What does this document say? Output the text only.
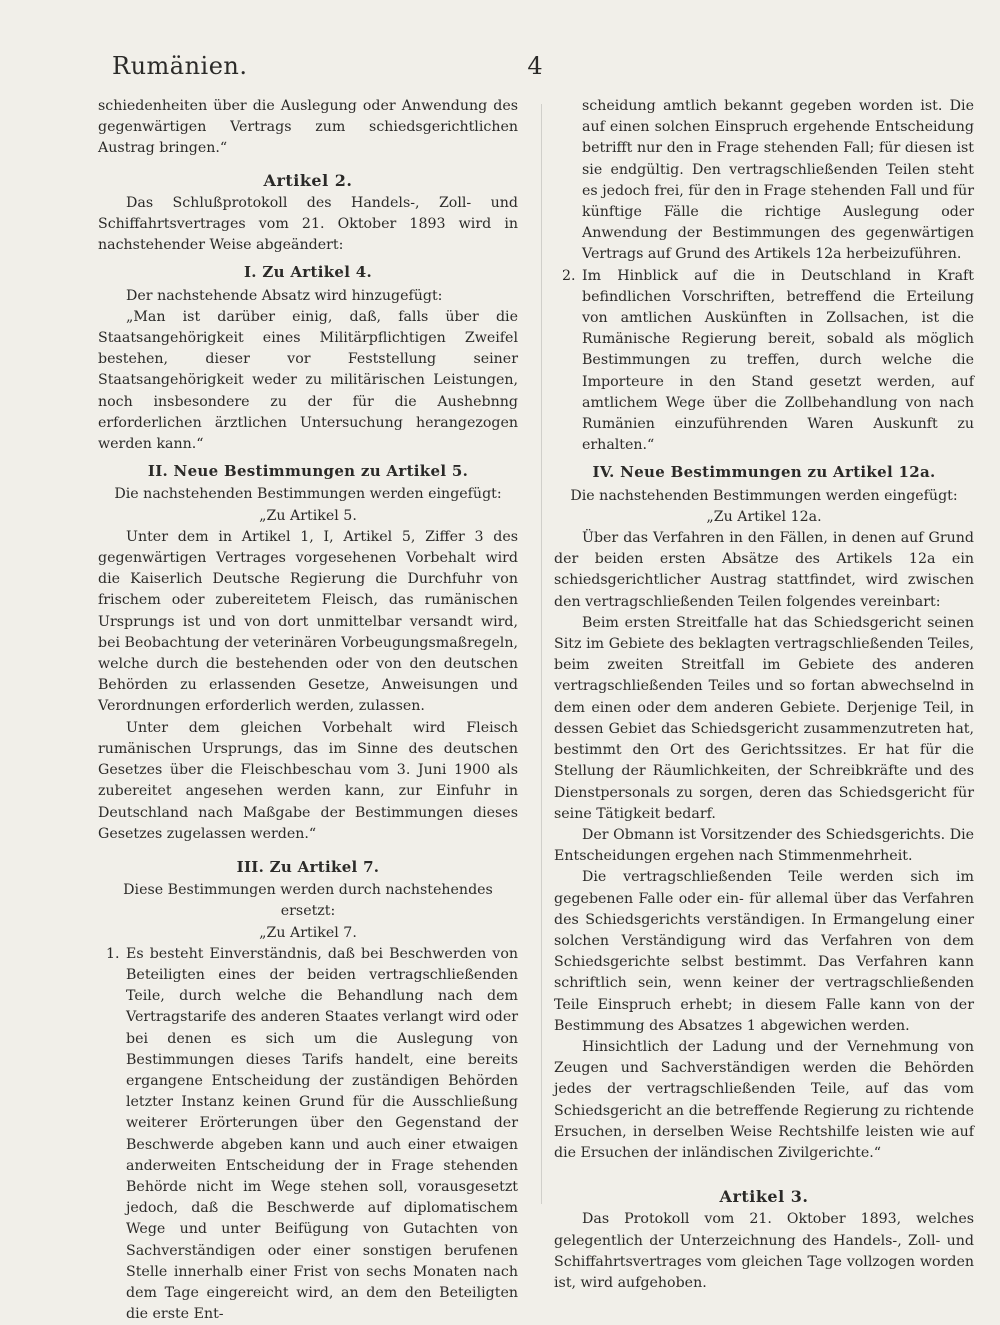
Rumänien.	4

schiedenheiten über die Auslegung oder Anwendung des gegenwärtigen Vertrags zum schiedsgerichtlichen Austrag bringen.“

Artikel 2.

Das Schlußprotokoll des Handels-, Zoll- und Schiffahrtsvertrages vom 21. Oktober 1893 wird in nachstehender Weise abgeändert:

I. Zu Artikel 4.

Der nachstehende Absatz wird hinzugefügt:

„Man ist darüber einig, daß, falls über die Staatsangehörigkeit eines Militärpflichtigen Zweifel bestehen, dieser vor Feststellung seiner Staatsangehörigkeit weder zu militärischen Leistungen, noch insbesondere zu der für die Aushebnng erforderlichen ärztlichen Untersuchung herangezogen werden kann.“

II. Neue Bestimmungen zu Artikel 5.

Die nachstehenden Bestimmungen werden eingefügt:

„Zu Artikel 5.

Unter dem in Artikel 1, I, Artikel 5, Ziffer 3 des gegenwärtigen Vertrages vorgesehenen Vorbehalt wird die Kaiserlich Deutsche Regierung die Durchfuhr von frischem oder zubereitetem Fleisch, das rumänischen Ursprungs ist und von dort unmittelbar versandt wird, bei Beobachtung der veterinären Vorbeugungsmaßregeln, welche durch die bestehenden oder von den deutschen Behörden zu erlassenden Gesetze, Anweisungen und Verordnungen erforderlich werden, zulassen.

Unter dem gleichen Vorbehalt wird Fleisch rumänischen Ursprungs, das im Sinne des deutschen Gesetzes über die Fleischbeschau vom 3. Juni 1900 als zubereitet angesehen werden kann, zur Einfuhr in Deutschland nach Maßgabe der Bestimmungen dieses Gesetzes zugelassen werden.“

III. Zu Artikel 7.

Diese Bestimmungen werden durch nachstehendes ersetzt:

„Zu Artikel 7.

1. Es besteht Einverständnis, daß bei Beschwerden von Beteiligten eines der beiden vertragschließenden Teile, durch welche die Behandlung nach dem Vertragstarife des anderen Staates verlangt wird oder bei denen es sich um die Auslegung von Bestimmungen dieses Tarifs handelt, eine bereits ergangene Entscheidung der zuständigen Behörden letzter Instanz keinen Grund für die Ausschließung weiterer Erörterungen über den Gegenstand der Beschwerde abgeben kann und auch einer etwaigen anderweiten Entscheidung der in Frage stehenden Behörde nicht im Wege stehen soll, vorausgesetzt jedoch, daß die Beschwerde auf diplomatischem Wege und unter Beifügung von Gutachten von Sachverständigen oder einer sonstigen berufenen Stelle innerhalb einer Frist von sechs Monaten nach dem Tage eingereicht wird, an dem den Beteiligten die erste Ent-

scheidung amtlich bekannt gegeben worden ist. Die auf einen solchen Einspruch ergehende Entscheidung betrifft nur den in Frage stehenden Fall; für diesen ist sie endgültig. Den vertragschließenden Teilen steht es jedoch frei, für den in Frage stehenden Fall und für künftige Fälle die richtige Auslegung oder Anwendung der Bestimmungen des gegenwärtigen Vertrags auf Grund des Artikels 12a herbeizuführen.

2. Im Hinblick auf die in Deutschland in Kraft befindlichen Vorschriften, betreffend die Erteilung von amtlichen Auskünften in Zollsachen, ist die Rumänische Regierung bereit, sobald als möglich Bestimmungen zu treffen, durch welche die Importeure in den Stand gesetzt werden, auf amtlichem Wege über die Zollbehandlung von nach Rumänien einzuführenden Waren Auskunft zu erhalten.“

IV. Neue Bestimmungen zu Artikel 12a.

Die nachstehenden Bestimmungen werden eingefügt:

„Zu Artikel 12a.

Über das Verfahren in den Fällen, in denen auf Grund der beiden ersten Absätze des Artikels 12a ein schiedsgerichtlicher Austrag stattfindet, wird zwischen den vertragschließenden Teilen folgendes vereinbart:

Beim ersten Streitfalle hat das Schiedsgericht seinen Sitz im Gebiete des beklagten vertragschließenden Teiles, beim zweiten Streitfall im Gebiete des anderen vertragschließenden Teiles und so fortan abwechselnd in dem einen oder dem anderen Gebiete. Derjenige Teil, in dessen Gebiet das Schiedsgericht zusammenzutreten hat, bestimmt den Ort des Gerichtssitzes. Er hat für die Stellung der Räumlichkeiten, der Schreibkräfte und des Dienstpersonals zu sorgen, deren das Schiedsgericht für seine Tätigkeit bedarf.

Der Obmann ist Vorsitzender des Schiedsgerichts. Die Entscheidungen ergehen nach Stimmenmehrheit.

Die vertragschließenden Teile werden sich im gegebenen Falle oder ein- für allemal über das Verfahren des Schiedsgerichts verständigen. In Ermangelung einer solchen Verständigung wird das Verfahren von dem Schiedsgerichte selbst bestimmt. Das Verfahren kann schriftlich sein, wenn keiner der vertragschließenden Teile Einspruch erhebt; in diesem Falle kann von der Bestimmung des Absatzes 1 abgewichen werden.

Hinsichtlich der Ladung und der Vernehmung von Zeugen und Sachverständigen werden die Behörden jedes der vertragschließenden Teile, auf das vom Schiedsgericht an die betreffende Regierung zu richtende Ersuchen, in derselben Weise Rechtshilfe leisten wie auf die Ersuchen der inländischen Zivilgerichte.“

Artikel 3.

Das Protokoll vom 21. Oktober 1893, welches gelegentlich der Unterzeichnung des Handels-, Zoll- und Schiffahrtsvertrages vom gleichen Tage vollzogen worden ist, wird aufgehoben.
